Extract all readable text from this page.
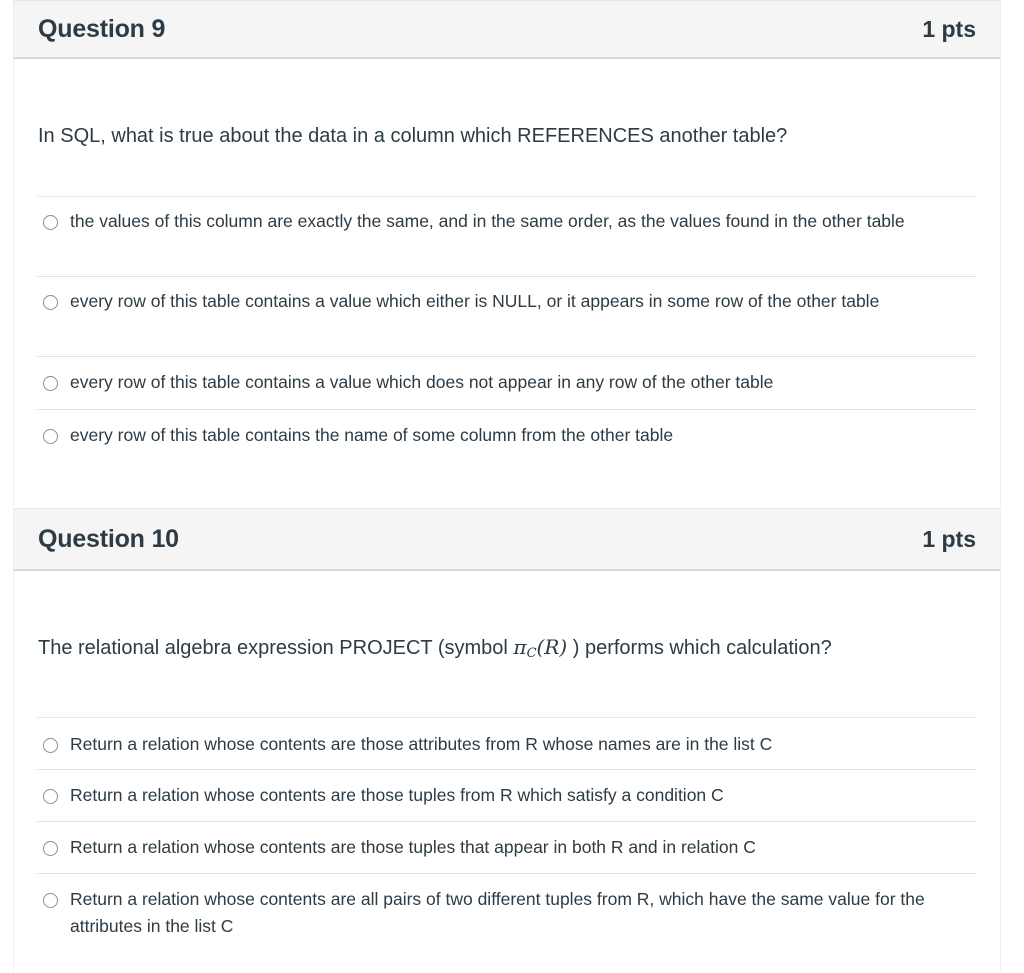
Question 9	1 pts
In SQL, what is true about the data in a column which REFERENCES another table?
the values of this column are exactly the same, and in the same order, as the values found in the other table
every row of this table contains a value which either is NULL, or it appears in some row of the other table
every row of this table contains a value which does not appear in any row of the other table
every row of this table contains the name of some column from the other table
Question 10	1 pts
The relational algebra expression PROJECT (symbol $\pi_C(R)$ ) performs which calculation?
Return a relation whose contents are those attributes from R whose names are in the list C
Return a relation whose contents are those tuples from R which satisfy a condition C
Return a relation whose contents are those tuples that appear in both R and in relation C
Return a relation whose contents are all pairs of two different tuples from R, which have the same value for the attributes in the list C
